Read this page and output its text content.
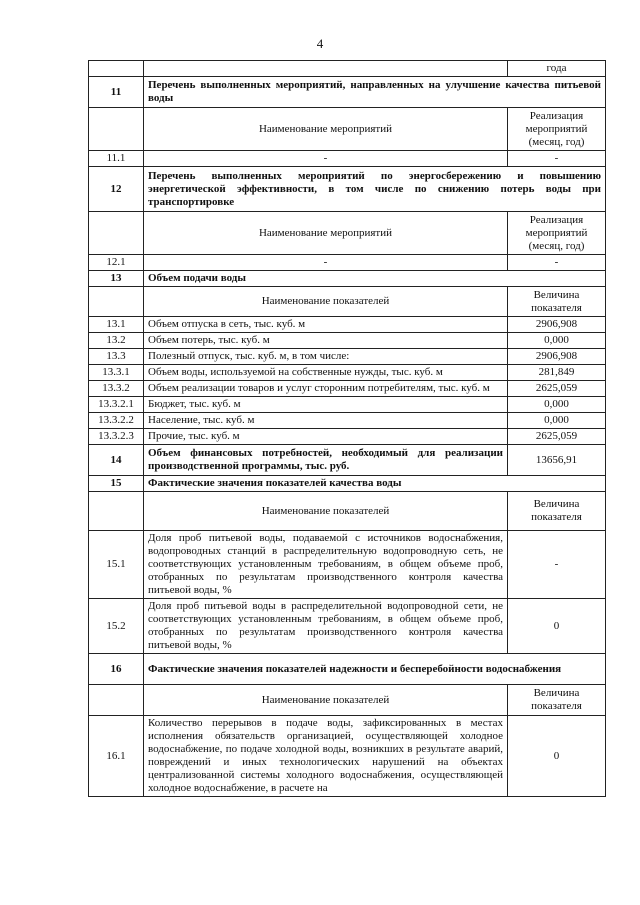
4
		года
11	Перечень выполненных мероприятий, направленных на улучшение качества питьевой воды	
	Наименование мероприятий	Реализация мероприятий (месяц, год)
11.1	-	-
12	Перечень выполненных мероприятий по энергосбережению и повышению энергетической эффективности, в том числе по снижению потерь воды при транспортировке	
	Наименование мероприятий	Реализация мероприятий (месяц, год)
12.1	-	-
13	Объем подачи воды	
	Наименование показателей	Величина показателя
13.1	Объем отпуска в сеть, тыс. куб. м	2906,908
13.2	Объем потерь, тыс. куб. м	0,000
13.3	Полезный отпуск, тыс. куб. м, в том числе:	2906,908
13.3.1	Объем воды, используемой на собственные нужды, тыс. куб. м	281,849
13.3.2	Объем реализации товаров и услуг сторонним потребителям, тыс. куб. м	2625,059
13.3.2.1	Бюджет, тыс. куб. м	0,000
13.3.2.2	Население, тыс. куб. м	0,000
13.3.2.3	Прочие, тыс. куб. м	2625,059
14	Объем финансовых потребностей, необходимый для реализации производственной программы, тыс. руб.	13656,91
15	Фактические значения показателей качества воды	
	Наименование показателей	Величина показателя
15.1	Доля проб питьевой воды, подаваемой с источников водоснабжения, водопроводных станций в распределительную водопроводную сеть, не соответствующих установленным требованиям, в общем объеме проб, отобранных по результатам производственного контроля качества питьевой воды, %	-
15.2	Доля проб питьевой воды в распределительной водопроводной сети, не соответствующих установленным требованиям, в общем объеме проб, отобранных по результатам производственного контроля качества питьевой воды, %	0
16	Фактические значения показателей надежности и бесперебойности водоснабжения	
	Наименование показателей	Величина показателя
16.1	Количество перерывов в подаче воды, зафиксированных в местах исполнения обязательств организацией, осуществляющей холодное водоснабжение, по подаче холодной воды, возникших в результате аварий, повреждений и иных технологических нарушений на объектах централизованной системы холодного водоснабжения, осуществляющей холодное водоснабжение, в расчете на	0
